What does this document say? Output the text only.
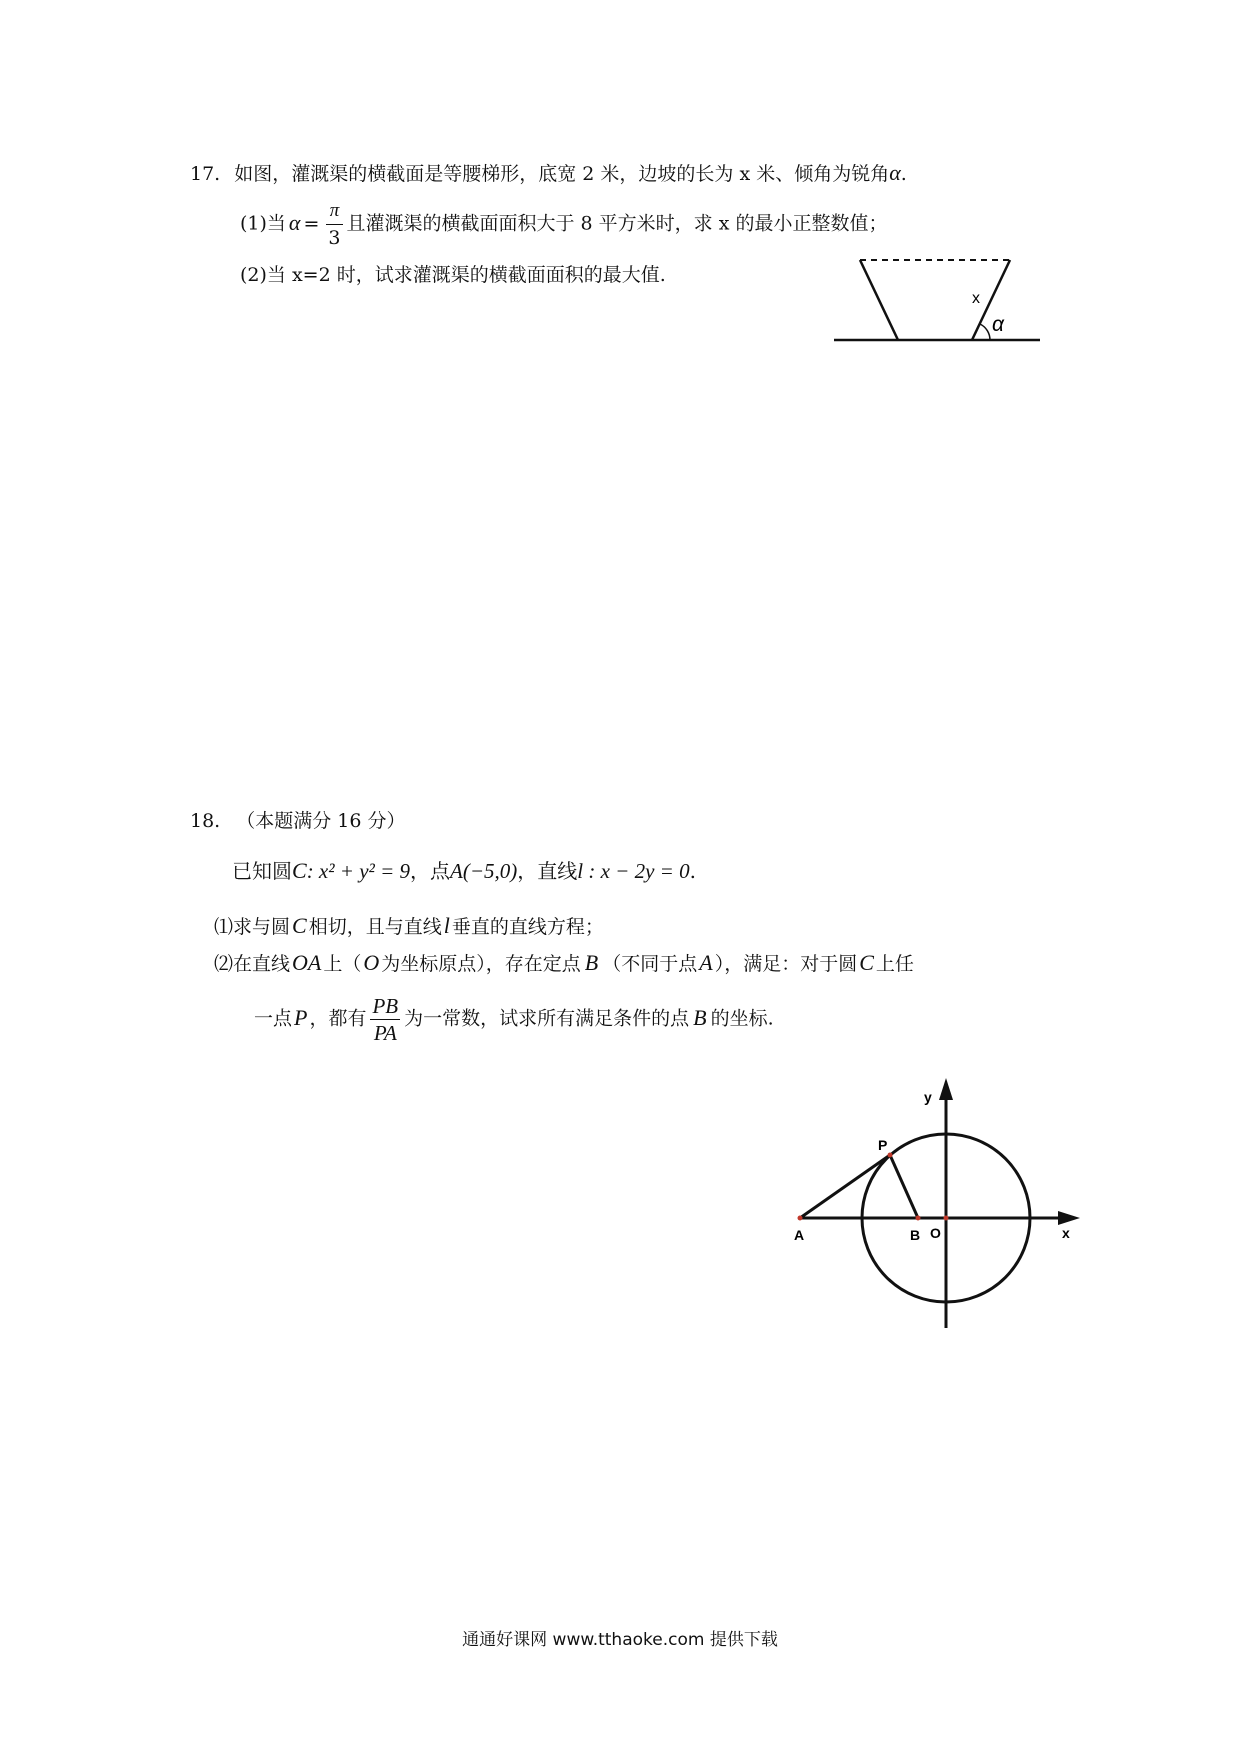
17. 如图，灌溉渠的横截面是等腰梯形，底宽 2 米，边坡的长为 x 米、倾角为锐角α.
(1)当 $\alpha = \frac{\pi}{3}$ 且灌溉渠的横截面面积大于 8 平方米时，求 x 的最小正整数值；
(2)当 x=2 时，试求灌溉渠的横截面面积的最大值.
x
α
18. （本题满分 16 分）
已知圆C: x² + y² = 9，点A(−5,0)，直线l : x − 2y = 0.
⑴求与圆C 相切，且与直线l 垂直的直线方程；
⑵在直线OA 上（O 为坐标原点），存在定点 B （不同于点A ），满足：对于圆C 上任
一点P ，都有 $\frac{PB}{PA}$ 为一常数，试求所有满足条件的点 B 的坐标.
y
x
P
A	B O
通通好课网 www.tthaoke.com 提供下载
